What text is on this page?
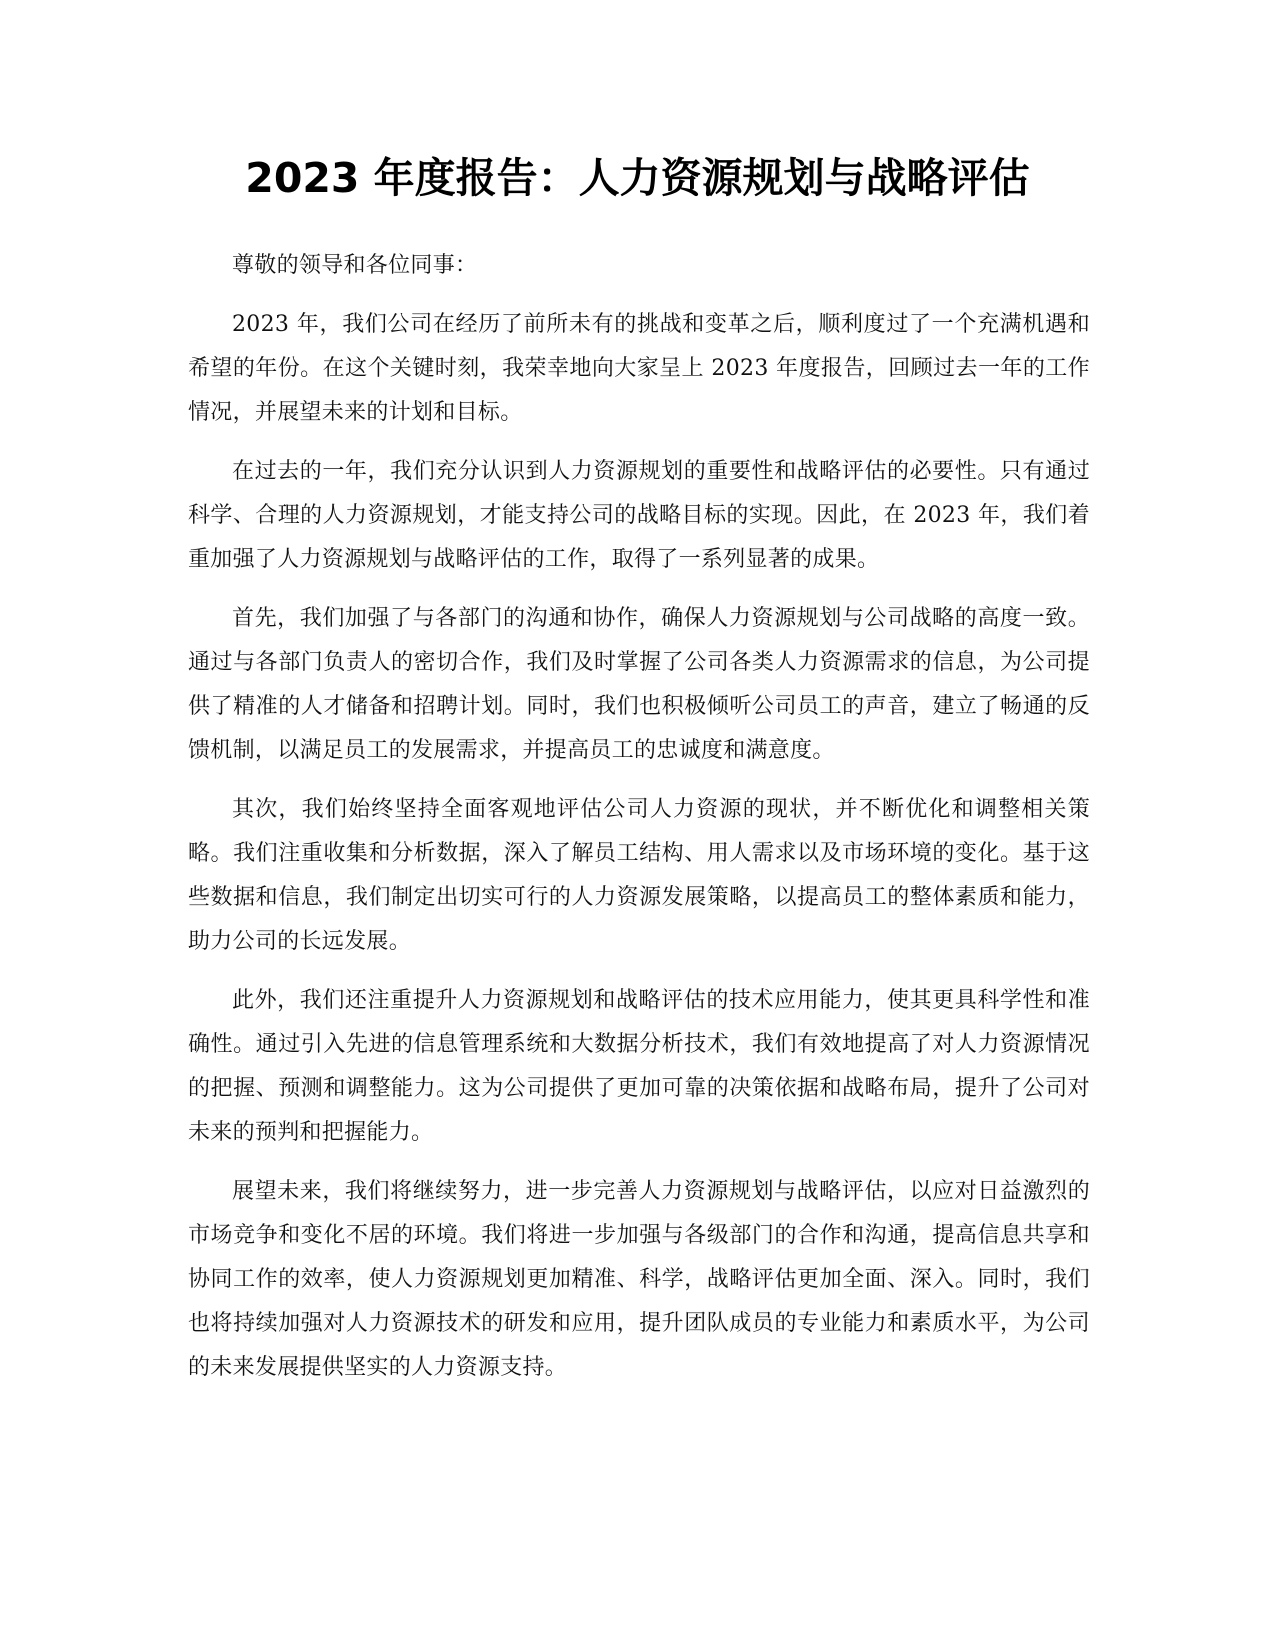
2023 年度报告：人力资源规划与战略评估

尊敬的领导和各位同事：

2023 年，我们公司在经历了前所未有的挑战和变革之后，顺利度过了一个充满机遇和希望的年份。在这个关键时刻，我荣幸地向大家呈上 2023 年度报告，回顾过去一年的工作情况，并展望未来的计划和目标。

在过去的一年，我们充分认识到人力资源规划的重要性和战略评估的必要性。只有通过科学、合理的人力资源规划，才能支持公司的战略目标的实现。因此，在 2023 年，我们着重加强了人力资源规划与战略评估的工作，取得了一系列显著的成果。

首先，我们加强了与各部门的沟通和协作，确保人力资源规划与公司战略的高度一致。通过与各部门负责人的密切合作，我们及时掌握了公司各类人力资源需求的信息，为公司提供了精准的人才储备和招聘计划。同时，我们也积极倾听公司员工的声音，建立了畅通的反馈机制，以满足员工的发展需求，并提高员工的忠诚度和满意度。

其次，我们始终坚持全面客观地评估公司人力资源的现状，并不断优化和调整相关策略。我们注重收集和分析数据，深入了解员工结构、用人需求以及市场环境的变化。基于这些数据和信息，我们制定出切实可行的人力资源发展策略，以提高员工的整体素质和能力，助力公司的长远发展。

此外，我们还注重提升人力资源规划和战略评估的技术应用能力，使其更具科学性和准确性。通过引入先进的信息管理系统和大数据分析技术，我们有效地提高了对人力资源情况的把握、预测和调整能力。这为公司提供了更加可靠的决策依据和战略布局，提升了公司对未来的预判和把握能力。

展望未来，我们将继续努力，进一步完善人力资源规划与战略评估，以应对日益激烈的市场竞争和变化不居的环境。我们将进一步加强与各级部门的合作和沟通，提高信息共享和协同工作的效率，使人力资源规划更加精准、科学，战略评估更加全面、深入。同时，我们也将持续加强对人力资源技术的研发和应用，提升团队成员的专业能力和素质水平，为公司的未来发展提供坚实的人力资源支持。
